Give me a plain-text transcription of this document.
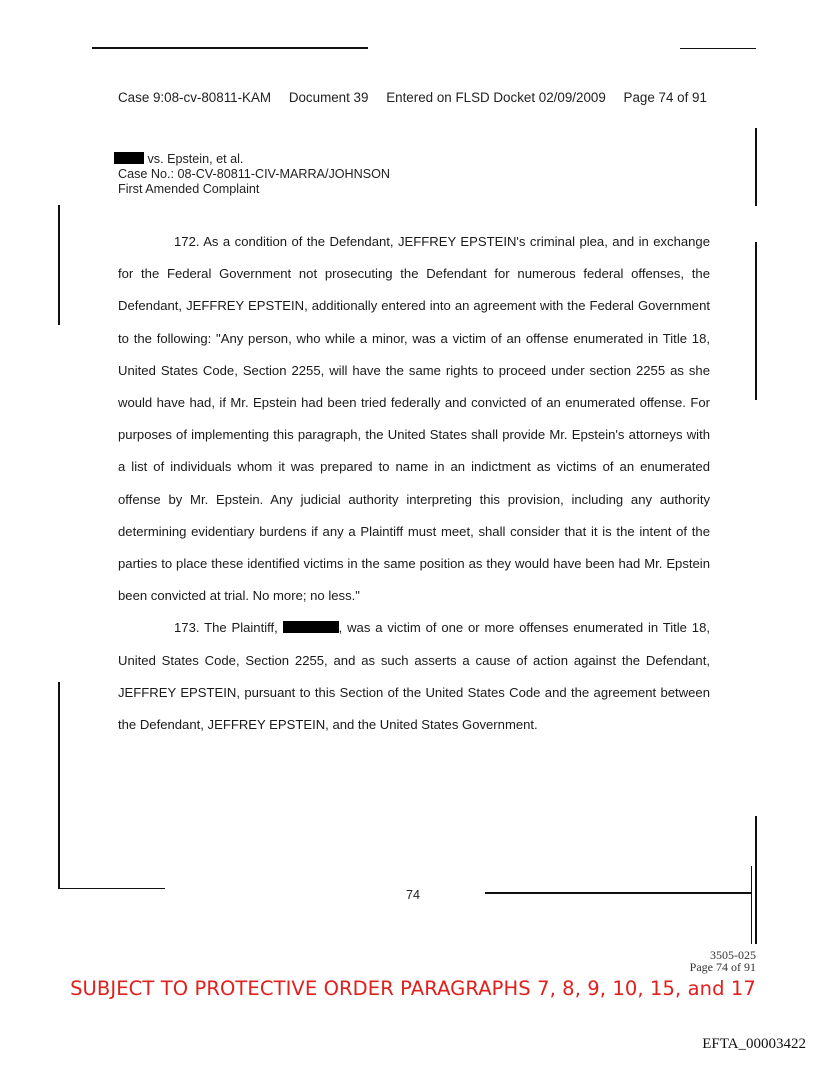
Case 9:08-cv-80811-KAM Document 39 Entered on FLSD Docket 02/09/2009 Page 74 of 91
vs. Epstein, et al.
Case No.: 08-CV-80811-CIV-MARRA/JOHNSON
First Amended Complaint

172. As a condition of the Defendant, JEFFREY EPSTEIN's criminal plea, and in exchange for the Federal Government not prosecuting the Defendant for numerous federal offenses, the Defendant, JEFFREY EPSTEIN, additionally entered into an agreement with the Federal Government to the following: "Any person, who while a minor, was a victim of an offense enumerated in Title 18, United States Code, Section 2255, will have the same rights to proceed under section 2255 as she would have had, if Mr. Epstein had been tried federally and convicted of an enumerated offense. For purposes of implementing this paragraph, the United States shall provide Mr. Epstein's attorneys with a list of individuals whom it was prepared to name in an indictment as victims of an enumerated offense by Mr. Epstein. Any judicial authority interpreting this provision, including any authority determining evidentiary burdens if any a Plaintiff must meet, shall consider that it is the intent of the parties to place these identified victims in the same position as they would have been had Mr. Epstein been convicted at trial. No more; no less."

173. The Plaintiff,	, was a victim of one or more offenses enumerated in Title 18, United States Code, Section 2255, and as such asserts a cause of action against the Defendant, JEFFREY EPSTEIN, pursuant to this Section of the United States Code and the agreement between the Defendant, JEFFREY EPSTEIN, and the United States Government.

74
3505-025
Page 74 of 91
SUBJECT TO PROTECTIVE ORDER PARAGRAPHS 7, 8, 9, 10, 15, and 17
EFTA_00003422
